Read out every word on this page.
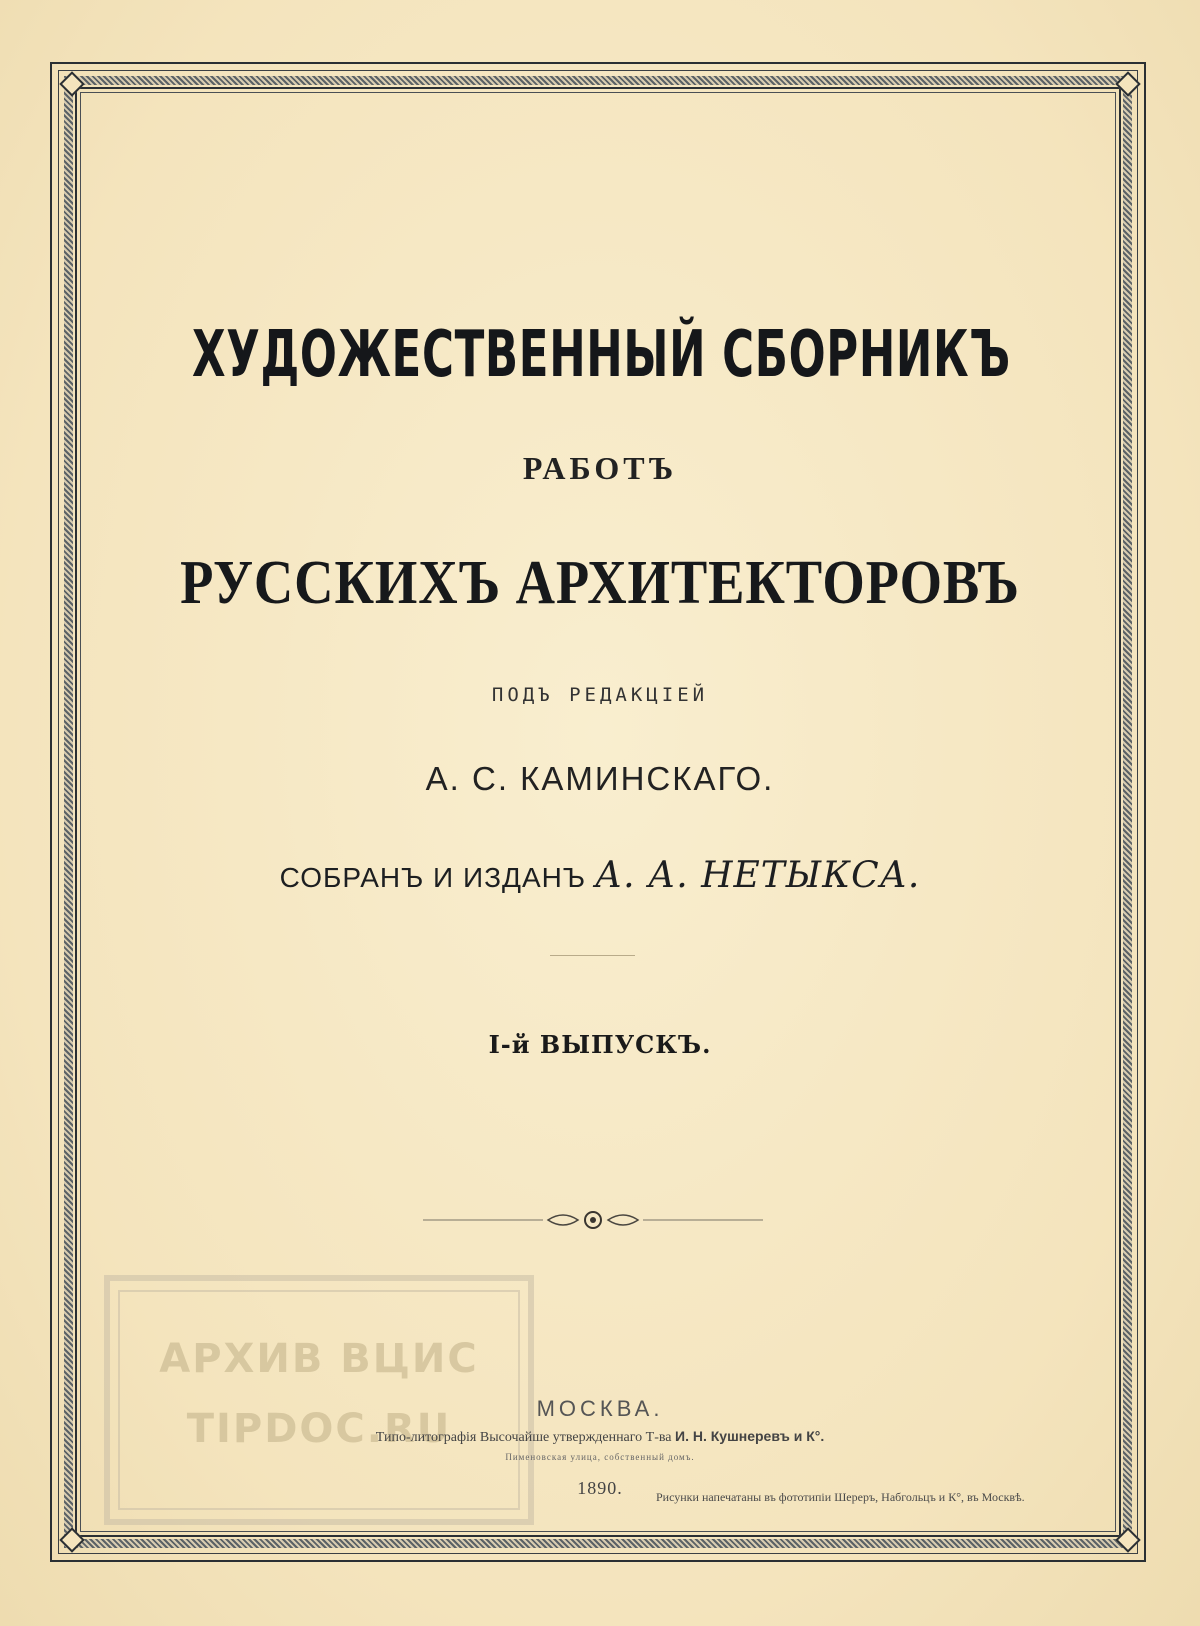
ХУДОЖЕСТВЕННЫЙ СБОРНИКЪ
РАБОТЪ
РУССКИХЪ АРХИТЕКТОРОВЪ
ПОДЪ РЕДАКЦІЕЙ
А. С. КАМИНСКАГО.
СОБРАНЪ И ИЗДАНЪ А. А. НЕТЫКСА.
I-й ВЫПУСКЪ.
АРХИВ ВЦИС
TIPDOC.RU	МОСКВА.
Типо-литографія Высочайше утвержденнаго Т-ва И. Н. Кушнеревъ и К°.
Пименовская улица, собственный домъ.
1890.	Рисунки напечатаны въ фототипіи Шереръ, Набгольцъ и К°, въ Москвѣ.
